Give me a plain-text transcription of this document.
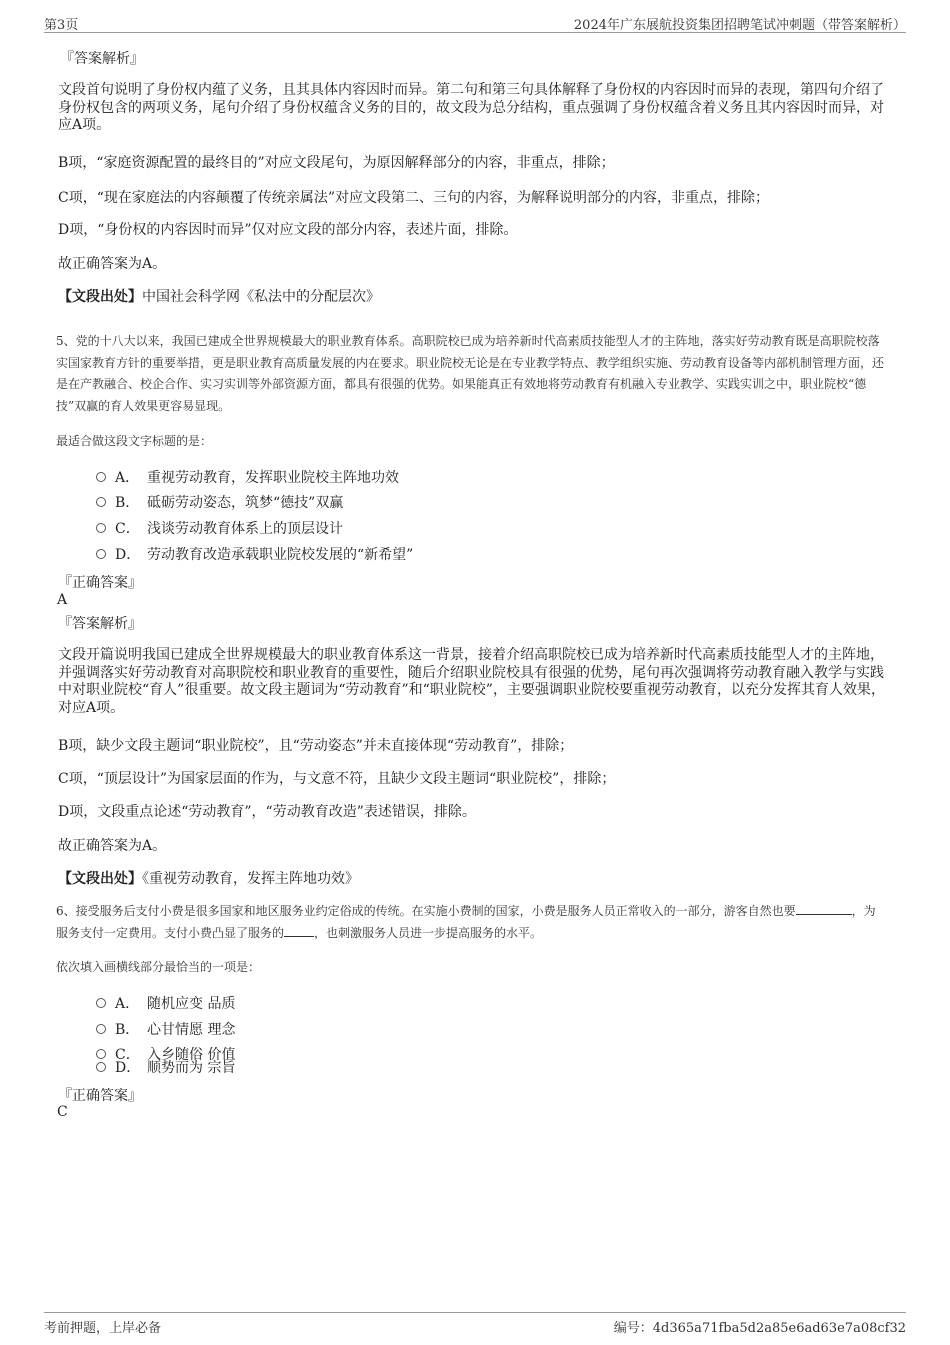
第3页	2024年广东展航投资集团招聘笔试冲刺题（带答案解析）
『答案解析』
文段首句说明了身份权内蕴了义务，且其具体内容因时而异。第二句和第三句具体解释了身份权的内容因时而异的表现，第四句介绍了身份权包含的两项义务，尾句介绍了身份权蕴含义务的目的，故文段为总分结构，重点强调了身份权蕴含着义务且其内容因时而异，对应A项。
B项，“家庭资源配置的最终目的”对应文段尾句，为原因解释部分的内容，非重点，排除；
C项，“现在家庭法的内容颠覆了传统亲属法”对应文段第二、三句的内容，为解释说明部分的内容，非重点，排除；
D项，“身份权的内容因时而异”仅对应文段的部分内容，表述片面，排除。
故正确答案为A。
【文段出处】中国社会科学网《私法中的分配层次》
5、党的十八大以来，我国已建成全世界规模最大的职业教育体系。高职院校已成为培养新时代高素质技能型人才的主阵地，落实好劳动教育既是高职院校落实国家教育方针的重要举措，更是职业教育高质量发展的内在要求。职业院校无论是在专业教学特点、教学组织实施、劳动教育设备等内部机制管理方面，还是在产教融合、校企合作、实习实训等外部资源方面，都具有很强的优势。如果能真正有效地将劳动教育有机融入专业教学、实践实训之中，职业院校“德技”双赢的育人效果更容易显现。
最适合做这段文字标题的是：
A． 重视劳动教育，发挥职业院校主阵地功效
B． 砥砺劳动姿态，筑梦“德技”双赢
C． 浅谈劳动教育体系上的顶层设计
D． 劳动教育改造承载职业院校发展的“新希望”
『正确答案』
A
『答案解析』
文段开篇说明我国已建成全世界规模最大的职业教育体系这一背景，接着介绍高职院校已成为培养新时代高素质技能型人才的主阵地，并强调落实好劳动教育对高职院校和职业教育的重要性，随后介绍职业院校具有很强的优势，尾句再次强调将劳动教育融入教学与实践中对职业院校“育人”很重要。故文段主题词为“劳动教育”和“职业院校”，主要强调职业院校要重视劳动教育，以充分发挥其育人效果，对应A项。
B项，缺少文段主题词“职业院校”，且“劳动姿态”并未直接体现“劳动教育”，排除；
C项，“顶层设计”为国家层面的作为，与文意不符，且缺少文段主题词“职业院校”，排除；
D项，文段重点论述“劳动教育”，“劳动教育改造”表述错误，排除。
故正确答案为A。
【文段出处】《重视劳动教育，发挥主阵地功效》
6、接受服务后支付小费是很多国家和地区服务业约定俗成的传统。在实施小费制的国家，小费是服务人员正常收入的一部分，游客自然也要	，为服务支付一定费用。支付小费凸显了服务的	，也刺激服务人员进一步提高服务的水平。
依次填入画横线部分最恰当的一项是：
A． 随机应变 品质
B． 心甘情愿 理念
C． 入乡随俗 价值
D． 顺势而为 宗旨
『正确答案』
C
考前押题，上岸必备	编号：4d365a71fba5d2a85e6ad63e7a08cf32
